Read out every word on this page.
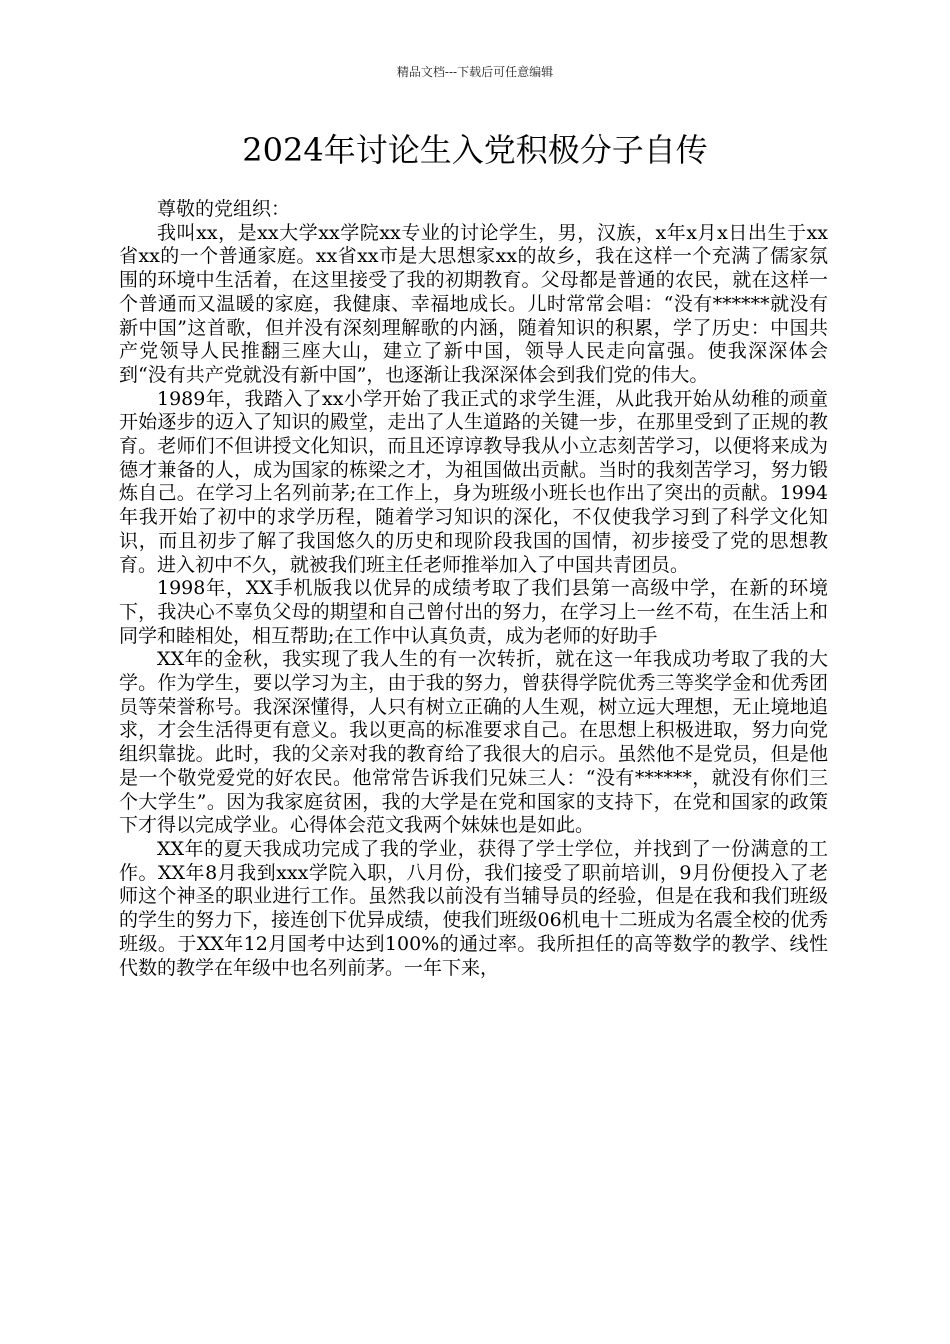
精品文档---下载后可任意编辑
2024年讨论生入党积极分子自传

尊敬的党组织：

我叫xx，是xx大学xx学院xx专业的讨论学生，男，汉族，x年x月x日出生于xx省xx的一个普通家庭。xx省xx市是大思想家xx的故乡，我在这样一个充满了儒家氛围的环境中生活着，在这里接受了我的初期教育。父母都是普通的农民，就在这样一个普通而又温暖的家庭，我健康、幸福地成长。儿时常常会唱：“没有******就没有新中国”这首歌，但并没有深刻理解歌的内涵，随着知识的积累，学了历史：中国共产党领导人民推翻三座大山，建立了新中国，领导人民走向富强。使我深深体会到“没有共产党就没有新中国”，也逐渐让我深深体会到我们党的伟大。

1989年，我踏入了xx小学开始了我正式的求学生涯，从此我开始从幼稚的顽童开始逐步的迈入了知识的殿堂，走出了人生道路的关键一步，在那里受到了正规的教育。老师们不但讲授文化知识，而且还谆谆教导我从小立志刻苦学习，以便将来成为德才兼备的人，成为国家的栋梁之才，为祖国做出贡献。当时的我刻苦学习，努力锻炼自己。在学习上名列前茅;在工作上，身为班级小班长也作出了突出的贡献。1994年我开始了初中的求学历程，随着学习知识的深化，不仅使我学习到了科学文化知识，而且初步了解了我国悠久的历史和现阶段我国的国情，初步接受了党的思想教育。进入初中不久，就被我们班主任老师推举加入了中国共青团员。

1998年，XX手机版我以优异的成绩考取了我们县第一高级中学，在新的环境下，我决心不辜负父母的期望和自己曾付出的努力，在学习上一丝不苟，在生活上和同学和睦相处，相互帮助;在工作中认真负责，成为老师的好助手

XX年的金秋，我实现了我人生的有一次转折，就在这一年我成功考取了我的大学。作为学生，要以学习为主，由于我的努力，曾获得学院优秀三等奖学金和优秀团员等荣誉称号。我深深懂得，人只有树立正确的人生观，树立远大理想，无止境地追求，才会生活得更有意义。我以更高的标准要求自己。在思想上积极进取，努力向党组织靠拢。此时，我的父亲对我的教育给了我很大的启示。虽然他不是党员，但是他是一个敬党爱党的好农民。他常常告诉我们兄妹三人：“没有******，就没有你们三个大学生”。因为我家庭贫困，我的大学是在党和国家的支持下，在党和国家的政策下才得以完成学业。心得体会范文我两个妹妹也是如此。

XX年的夏天我成功完成了我的学业，获得了学士学位，并找到了一份满意的工作。XX年8月我到xxx学院入职，八月份，我们接受了职前培训，9月份便投入了老师这个神圣的职业进行工作。虽然我以前没有当辅导员的经验，但是在我和我们班级的学生的努力下，接连创下优异成绩，使我们班级06机电十二班成为名震全校的优秀班级。于XX年12月国考中达到100%的通过率。我所担任的高等数学的教学、线性代数的教学在年级中也名列前茅。一年下来，
